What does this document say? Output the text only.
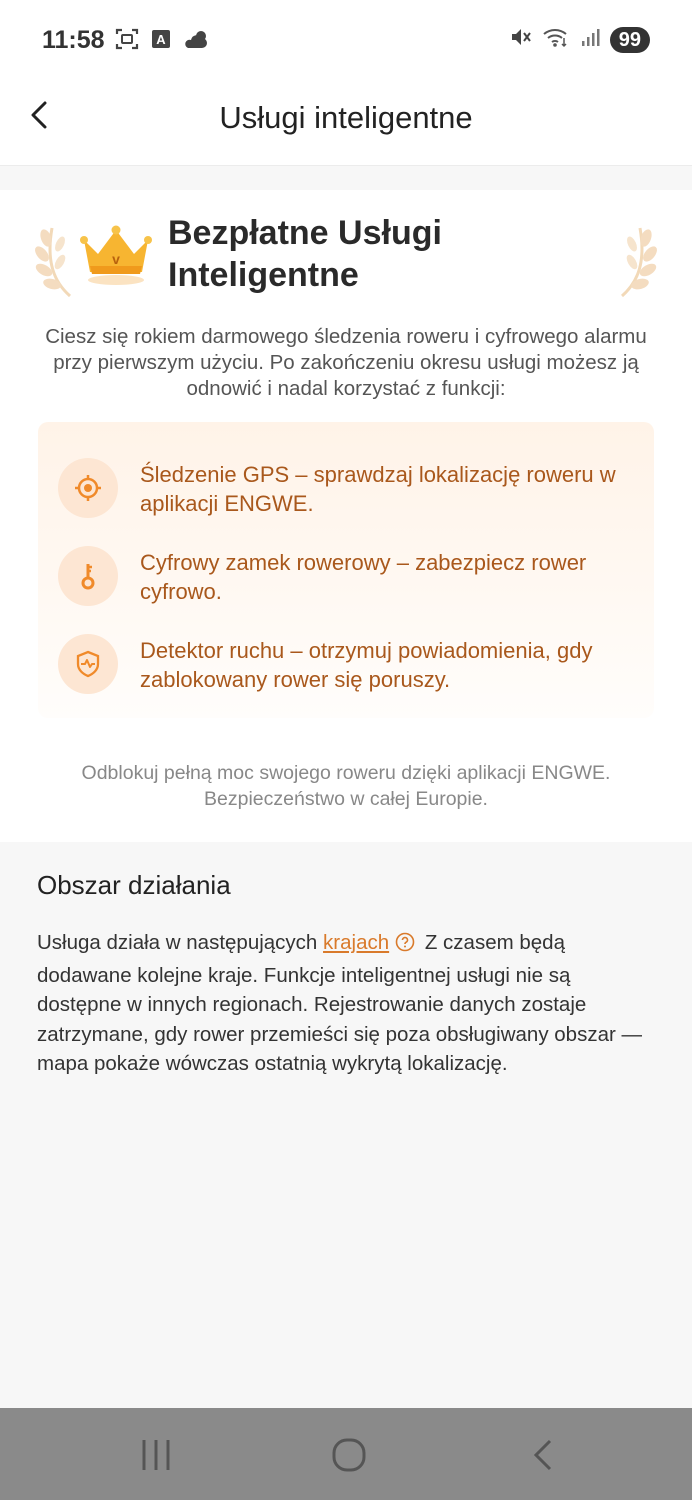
11:58	A	99
Usługi inteligentne
v
Bezpłatne Usługi Inteligentne
Ciesz się rokiem darmowego śledzenia roweru i cyfrowego alarmu przy pierwszym użyciu. Po zakończeniu okresu usługi możesz ją odnowić i nadal korzystać z funkcji:
Śledzenie GPS – sprawdzaj lokalizację roweru w aplikacji ENGWE.
Cyfrowy zamek rowerowy – zabezpiecz rower cyfrowo.
Detektor ruchu – otrzymuj powiadomienia, gdy zablokowany rower się poruszy.
Odblokuj pełną moc swojego roweru dzięki aplikacji ENGWE. Bezpieczeństwo w całej Europie.
Obszar działania
Usługa działa w następujących krajach Z czasem będą dodawane kolejne kraje. Funkcje inteligentnej usługi nie są dostępne w innych regionach. Rejestrowanie danych zostaje zatrzymane, gdy rower przemieści się poza obsługiwany obszar — mapa pokaże wówczas ostatnią wykrytą lokalizację.
